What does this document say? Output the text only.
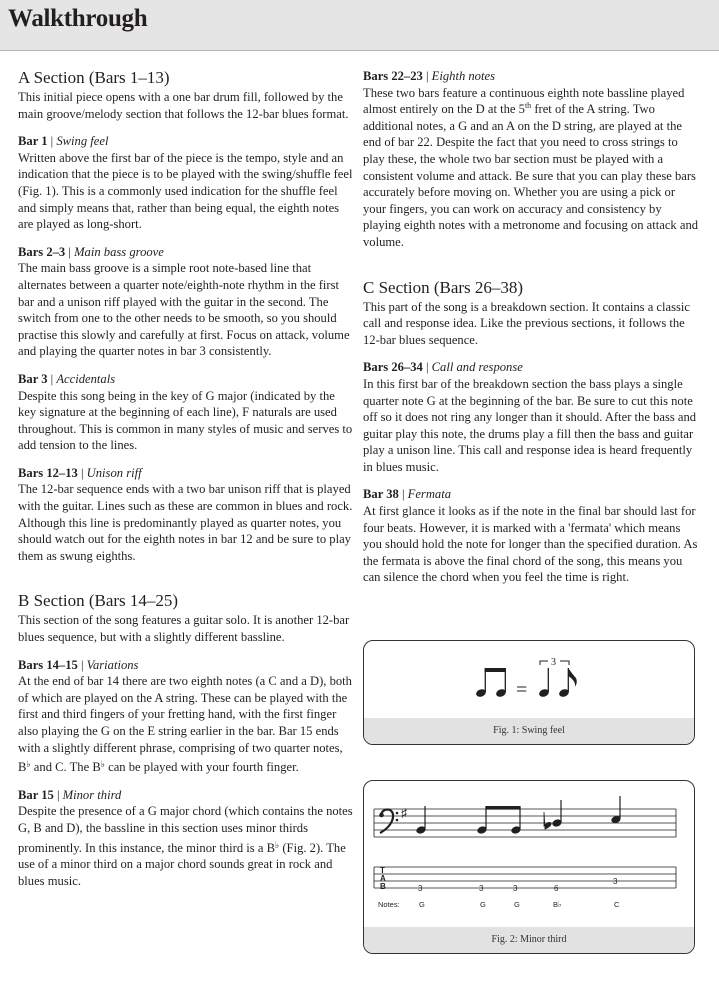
Walkthrough
A Section (Bars 1–13)

This initial piece opens with a one bar drum fill, followed by the main groove/melody section that follows the 12-bar blues format.

Bar 1 | Swing feel

Written above the first bar of the piece is the tempo, style and an indication that the piece is to be played with the swing/shuffle feel (Fig. 1). This is a commonly used indication for the shuffle feel and simply means that, rather than being equal, the eighth notes are played as long-short.

Bars 2–3 | Main bass groove

The main bass groove is a simple root note-based line that alternates between a quarter note/eighth-note rhythm in the first bar and a unison riff played with the guitar in the second. The switch from one to the other needs to be smooth, so you should practise this slowly and carefully at first. Focus on attack, volume and playing the quarter notes in bar 3 consistently.

Bar 3 | Accidentals

Despite this song being in the key of G major (indicated by the key signature at the beginning of each line), F naturals are used throughout. This is common in many styles of music and serves to add tension to the lines.

Bars 12–13 | Unison riff

The 12-bar sequence ends with a two bar unison riff that is played with the guitar. Lines such as these are common in blues and rock. Although this line is predominantly played as quarter notes, you should watch out for the eighth notes in bar 12 and be sure to play them as swung eighths.

B Section (Bars 14–25)

This section of the song features a guitar solo. It is another 12-bar blues sequence, but with a slightly different bassline.

Bars 14–15 | Variations

At the end of bar 14 there are two eighth notes (a C and a D), both of which are played on the A string. These can be played with the first and third fingers of your fretting hand, with the first finger also playing the G on the E string earlier in the bar. Bar 15 ends with a slightly different phrase, comprising of two quarter notes, B♭ and C. The B♭ can be played with your fourth finger.

Bar 15 | Minor third

Despite the presence of a G major chord (which contains the notes G, B and D), the bassline in this section uses minor thirds prominently. In this instance, the minor third is a B♭ (Fig. 2). The use of a minor third on a major chord sounds great in rock and blues music.

Bars 22–23 | Eighth notes

These two bars feature a continuous eighth note bassline played almost entirely on the D at the 5th fret of the A string. Two additional notes, a G and an A on the D string, are played at the end of bar 22. Despite the fact that you need to cross strings to play these, the whole two bar section must be played with a consistent volume and attack. Be sure that you can play these bars accurately before moving on. Whether you are using a pick or your fingers, you can work on accuracy and consistency by playing eighth notes with a metronome and focusing on attack and volume.

C Section (Bars 26–38)

This part of the song is a breakdown section. It contains a classic call and response idea. Like the previous sections, it follows the 12-bar blues sequence.

Bars 26–34 | Call and response

In this first bar of the breakdown section the bass plays a single quarter note G at the beginning of the bar. Be sure to cut this note off so it does not ring any longer than it should. After the bass and guitar play this note, the drums play a fill then the bass and guitar play a unison line. This call and response idea is heard frequently in blues music.

Bar 38 | Fermata

At first glance it looks as if the note in the final bar should last for four beats. However, it is marked with a 'fermata' which means you should hold the note for longer than the specified duration. As the fermata is above the final chord of the song, this means you can silence the chord when you feel the time is right.

=
3
Fig. 1: Swing feel
♯
T
A
B	3	3	3	6
3
Notes:	G	G	G	B♭	C
Fig. 2: Minor third
